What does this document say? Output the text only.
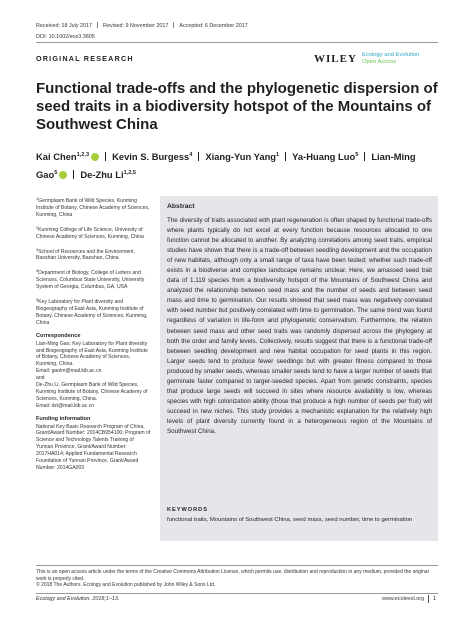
Received: 18 July 2017 Revised: 9 November 2017 Accepted: 6 December 2017
DOI: 10.1002/ece3.3805
ORIGINAL RESEARCH	WILEY Ecology and Evolution
Open Access
Functional trade-offs and the phylogenetic dispersion of seed traits in a biodiversity hotspot of the Mountains of Southwest China
Kai Chen$^{1,2,3}$ Kevin S. Burgess$^4$ Xiang-Yun Yang$^1$ Ya-Huang Luo$^5$ Lian-Ming Gao$^5$ De-Zhu Li$^{1,2,5}$

$^1$Germplasm Bank of Wild Species, Kunming Institute of Botany, Chinese Academy of Sciences, Kunming, China

$^2$Kunming College of Life Science, University of Chinese Academy of Sciences, Kunming, China

$^3$School of Resources and the Environment, Baoshan University, Baoshan, China

$^4$Department of Biology, College of Letters and Sciences, Columbus State University, University System of Georgia, Columbus, GA, USA

$^5$Key Laboratory for Plant diversity and Biogeography of East Asia, Kunming Institute of Botany, Chinese Academy of Sciences, Kunming, China

Correspondence
Lian-Ming Gao, Key Laboratory for Plant diversity and Biogeography of East Asia, Kunming Institute of Botany, Chinese Academy of Sciences, Kunming, China.
Email: gaolm@mail.kib.ac.cn
and
De-Zhu Li, Germplasm Bank of Wild Species, Kunming Institute of Botany, Chinese Academy of Sciences, Kunming, China.
Email: dzl@mail.kib.ac.cn
Funding information

National Key Basic Research Program of China, Grant/Award Number: 2014CB954100; Program of Science and Technology Talents Training of Yunnan Province, Grant/Award Number: 2017HA014; Applied Fundamental Research Foundation of Yunnan Province, Grant/Award Number: 2014GA003

Abstract
The diversity of traits associated with plant regeneration is often shaped by functional trade-offs where plants typically do not excel at every function because resources allocated to one function cannot be allocated to another. By analyzing correlations among seed traits, empirical studies have shown that there is a trade-off between seedling development and the occupation of new habitats, although only a small range of taxa have been tested; whether such trade-off exists in a biodiverse and complex landscape remains unclear. Here, we amassed seed trait data of 1,119 species from a biodiversity hotspot of the Mountains of Southwest China and analyzed the relationship between seed mass and the number of seeds and between seed mass and time to germination. Our results showed that seed mass was negatively correlated with seed number but positively correlated with time to germination. The same trend was found regardless of variation in life-form and phylogenetic conservatism. Furthermore, the relation between seed mass and other seed traits was randomly dispersed across the phylogeny at both the order and family levels. Collectively, results suggest that there is a functional trade-off between seedling development and new habitat occupation for seed plants in this region. Larger seeds tend to produce fewer seedlings but with greater fitness compared to those produced by smaller seeds, whereas smaller seeds tend to have a larger number of seeds that germinate faster compared to larger-seeded species. Apart from genetic constraints, species that produce large seeds will succeed in sites where resource availability is low, whereas species with high colonization ability (those that produce a high number of seeds per fruit) will succeed in new niches. This study provides a mechanistic explanation for the relatively high levels of plant diversity currently found in a heterogeneous region of the Mountains of Southwest China.
KEYWORDS
functional traits, Mountains of Southwest China, seed mass, seed number, time to germination
This is an open access article under the terms of the Creative Commons Attribution License, which permits use, distribution and reproduction in any medium, provided the original work is properly cited.
© 2018 The Authors. Ecology and Evolution published by John Wiley & Sons Ltd.
Ecology and Evolution. 2018;1–13.	www.ecolevol.org 1
